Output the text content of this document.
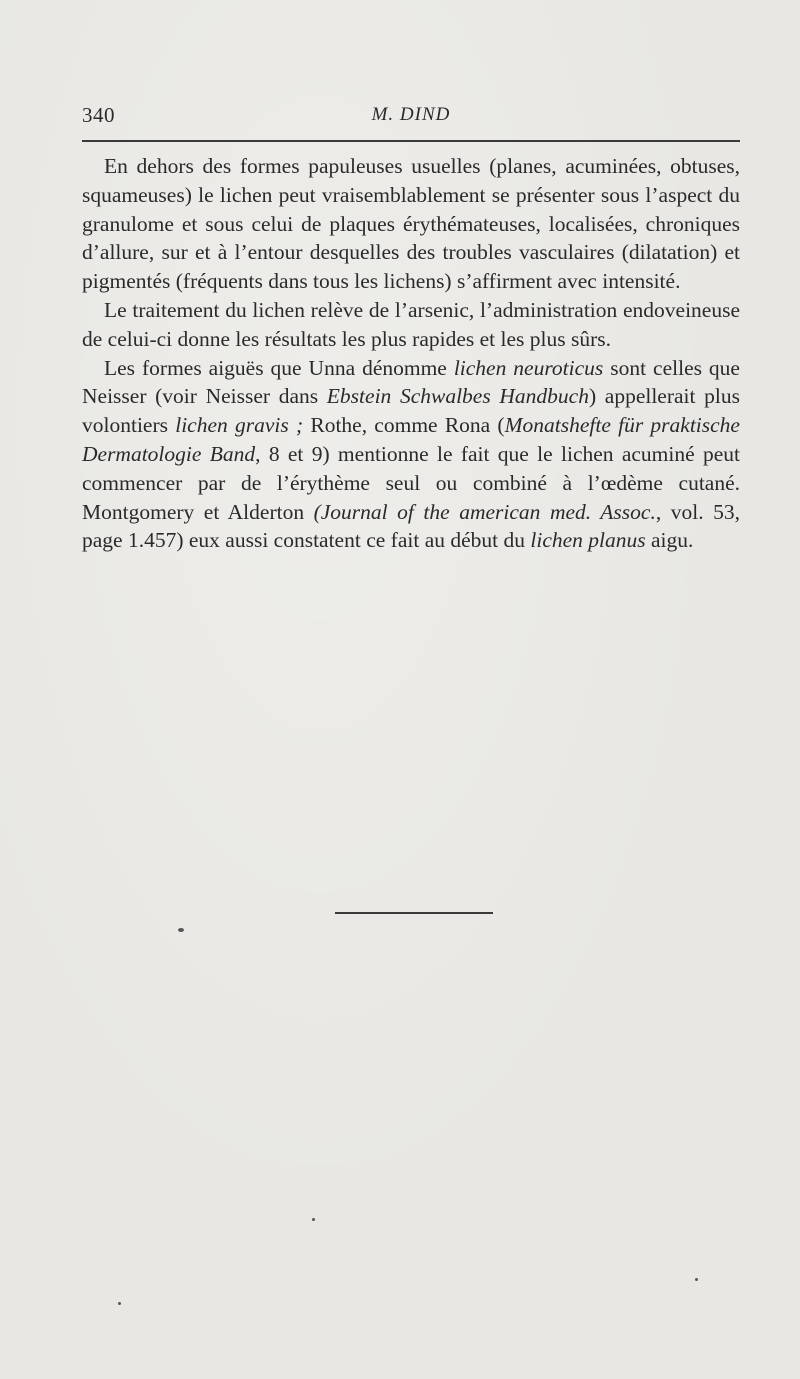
340	M. DIND

En dehors des formes papuleuses usuelles (planes, acuminées, obtuses, squameuses) le lichen peut vraisemblablement se présenter sous l’aspect du granulome et sous celui de plaques érythémateuses, localisées, chroniques d’allure, sur et à l’entour desquelles des troubles vasculaires (dilatation) et pigmentés (fréquents dans tous les lichens) s’affirment avec intensité.

Le traitement du lichen relève de l’arsenic, l’administration endoveineuse de celui-ci donne les résultats les plus rapides et les plus sûrs.

Les formes aiguës que Unna dénomme lichen neuroticus sont celles que Neisser (voir Neisser dans Ebstein Schwalbes Handbuch) appellerait plus volontiers lichen gravis ; Rothe, comme Rona (Monatshefte für praktische Dermatologie Band, 8 et 9) mentionne le fait que le lichen acuminé peut commencer par de l’érythème seul ou combiné à l’œdème cutané. Montgomery et Alderton (Journal of the american med. Assoc., vol. 53, page 1.457) eux aussi constatent ce fait au début du lichen planus aigu.
